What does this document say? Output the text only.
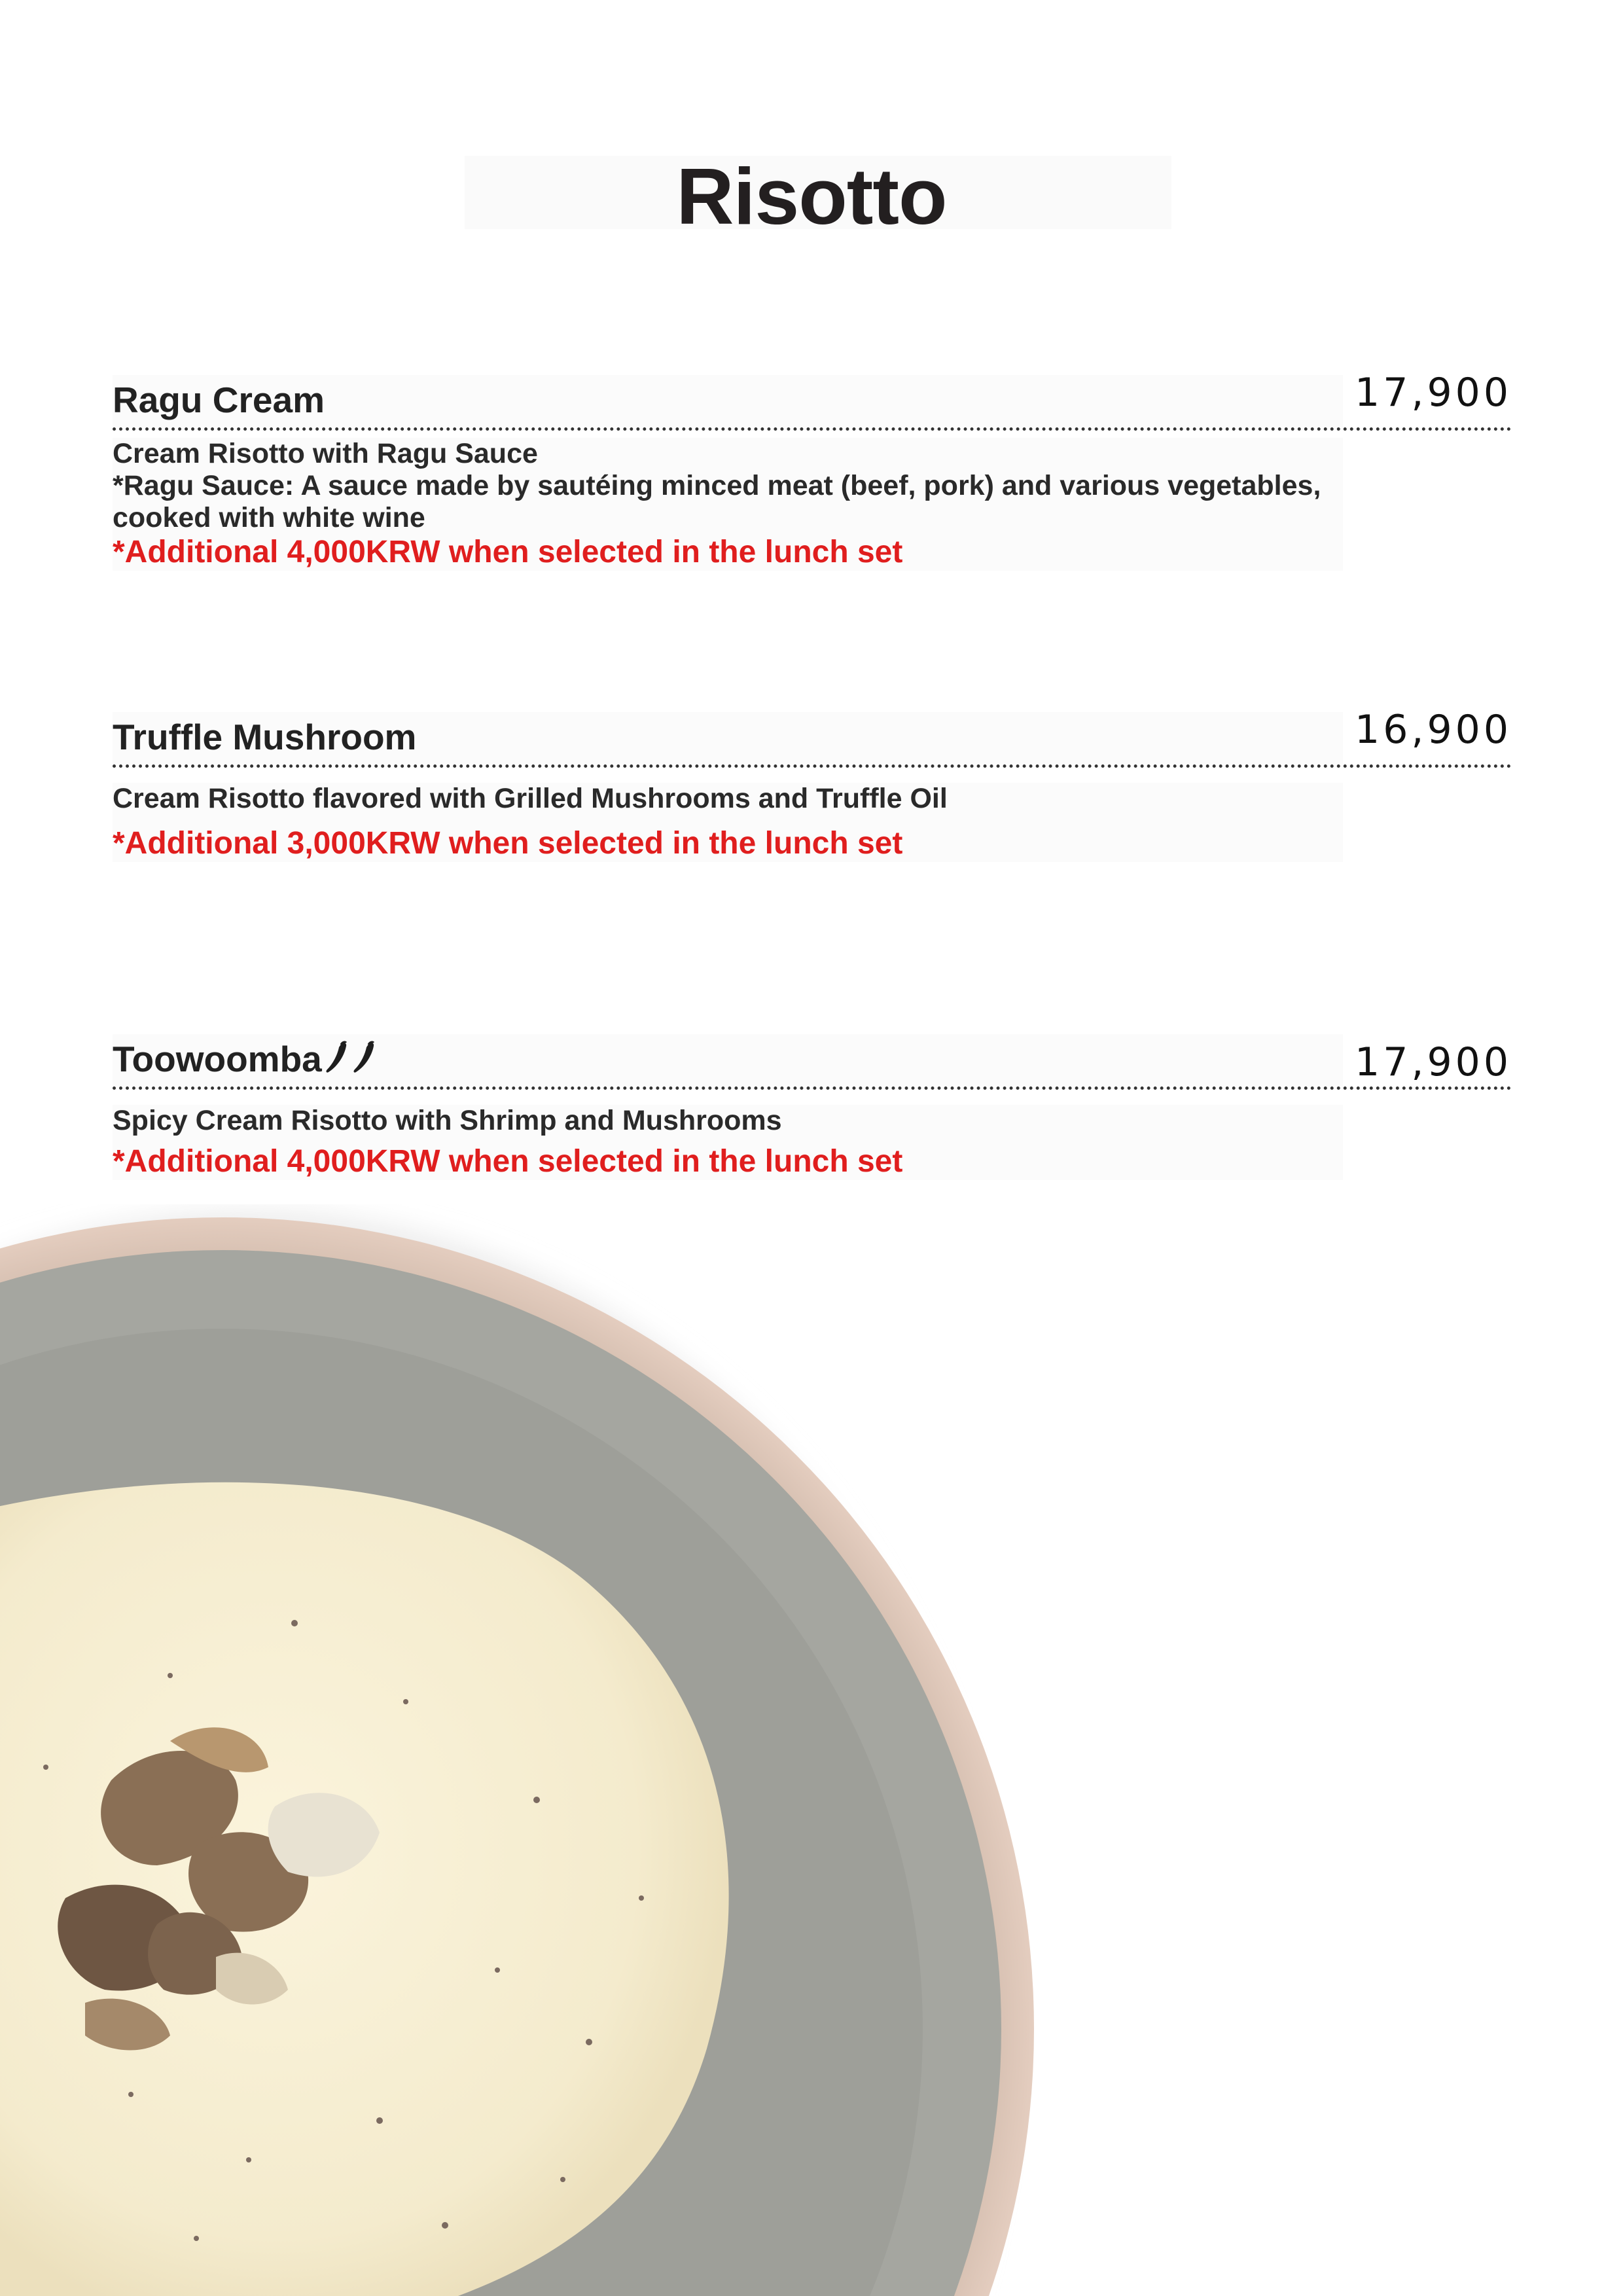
Risotto
Ragu Cream	17,900

Cream Risotto with Ragu Sauce

*Ragu Sauce: A sauce made by sautéing minced meat (beef, pork) and various vegetables,

cooked with white wine

*Additional 4,000KRW when selected in the lunch set

Truffle Mushroom	16,900

Cream Risotto flavored with Grilled Mushrooms and Truffle Oil

*Additional 3,000KRW when selected in the lunch set

Toowoomba	17,900

Spicy Cream Risotto with Shrimp and Mushrooms

*Additional 4,000KRW when selected in the lunch set
